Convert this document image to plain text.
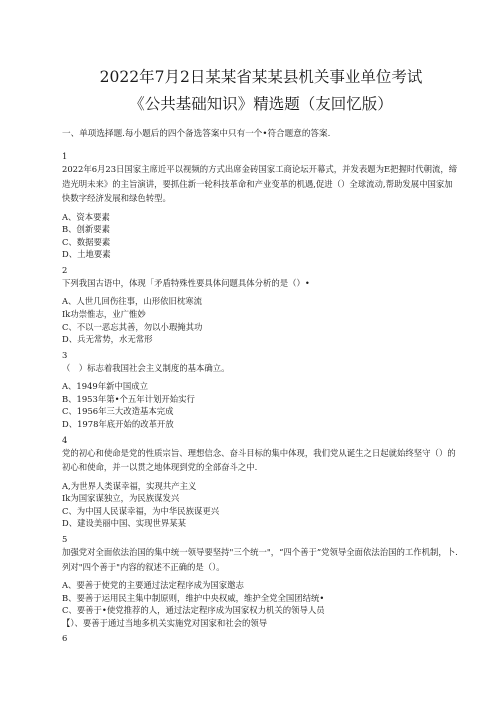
2022年7月2日某某省某某县机关事业单位考试
《公共基础知识》精选题（友回忆版）
一、单项选择题.每小题后的四个备选答案中只有一个•符合题意的答案.
1
2022年6月23日国家主席近平以视频的方式出席金砖国家工商论坛开幕式，并发表题为E把握时代朝流，缔造光明未来》的主旨演讲，要抓住新一轮科技革命和产业变革的机遇,促进（）全球流动,帮助发展中国家加快数字经济发展和绿色转型。
A、资本要素
B、创新要素
C、数据要素
D、土地要素
2
下列我国古语中，体现「矛盾特殊性要具体问题具体分析的是（）•
A、人世几回伤往事，山形依旧枕寒流
Ik功崇惟志，业广惟妙
C、不以一恶忘其善，勿以小瑕掩其功
D、兵无常势，水无常形
3
（　）标志着我国社会主义制度的基本确立。
A、1949年新中国成立
B、1953年第•个五年计划开始实行
C、1956年三大改造基本完成
D、1978年底开始的改革开放
4
党的初心和使命是党的性质宗旨、理想信念、奋斗目标的集中体现，我们党从诞生之日起就始终坚守（）的初心和使命，并一以贯之地体现到党的全部奋斗之中.
A,为世界人类谋幸福，实现共产主义
Ik为国家谋独立，为民族谋发兴
C、为中国人民谋幸福，为中华民族谋更兴
D、建设美丽中国、实现世界某某
5
加强党对全面依法治国的集中统一领导要坚持"三个统一"，“四个善于”党领导全面依法治国的工作机制，卜.列对"四个善于"内容的叙述不正确的是（）。
A、要善于使党的主要通过法定程序成为国家邀志
B、要善于运用民主集中制原则，维护中央权威，维护全党全国团结统•
C、要善于•使党推荐的人，通过法定程序成为国家权力机关的领导人员
【）、要善于通过当地多机关实施党对国家和社会的领导
6
